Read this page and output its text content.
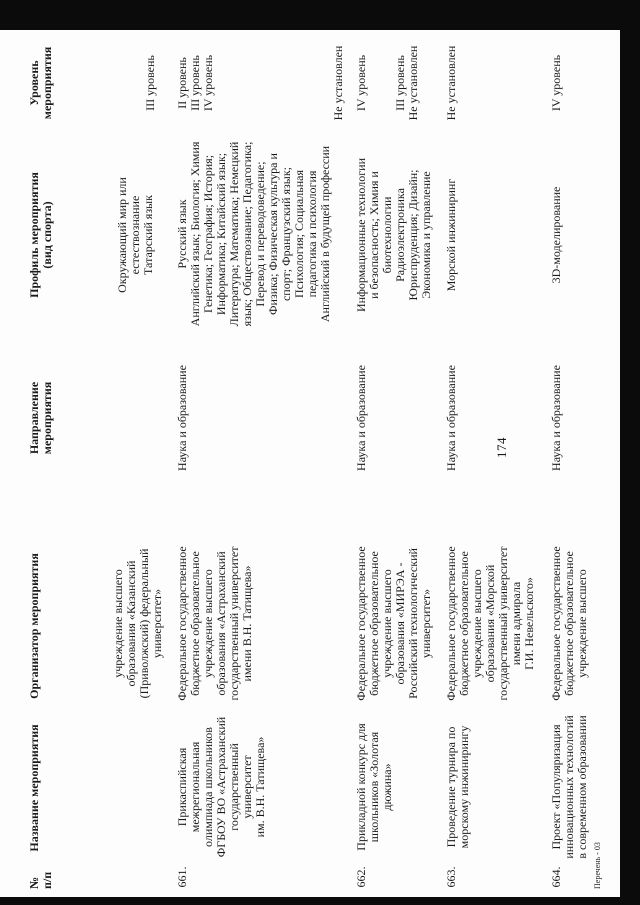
№
п/п
Название мероприятия
Организатор мероприятия
Направление
мероприятия
Профиль мероприятия
(вид спорта)
Уровень
мероприятия
174
учреждение высшего
образования «Казанский
(Приволжский) федеральный
университет»
Окружающий мир или
естествознание
Татарский язык
III уровень
661.
Прикаспийская
межрегиональная
олимпиада школьников
ФГБОУ ВО «Астраханский
государственный
университет
им. В.Н. Татищева»
Федеральное государственное
бюджетное образовательное
учреждение высшего
образования «Астраханский
государственный университет
имени В.Н. Татищева»
Наука и образование
Русский язык
Английский язык; Биология; Химия
Генетика; География; История;
Информатика; Китайский язык;
Литература; Математика; Немецкий
язык; Обществознание; Педагогика;
Перевод и переводоведение;
Физика; Физическая культура и
спорт; Французский язык;
Психология; Социальная
педагогика и психология
Английский в будущей профессии
II уровень
III уровень
IV уровень

Не установлен
662.
Прикладной конкурс для
школьников «Золотая
дюжина»
Федеральное государственное
бюджетное образовательное
учреждение высшего
образования «МИРЭА -
Российский технологический
университет»
Наука и образование
Информационные технологии
и безопасность; Химия и
биотехнологии
Радиоэлектроника
Юриспруденция; Дизайн;
Экономика и управление
IV уровень

III уровень
Не установлен
663.
Проведение турнира по
морскому инжинирингу
Федеральное государственное
бюджетное образовательное
учреждение высшего
образования «Морской
государственный университет
имени адмирала
Г.И. Невельского»
Наука и образование
Морской инжиниринг
Не установлен
664.
Проект «Популяризация
инновационных технологий
в современном образовании
Федеральное государственное
бюджетное образовательное
учреждение высшего
Наука и образование
3D-моделирование
IV уровень
Перечень - 03
